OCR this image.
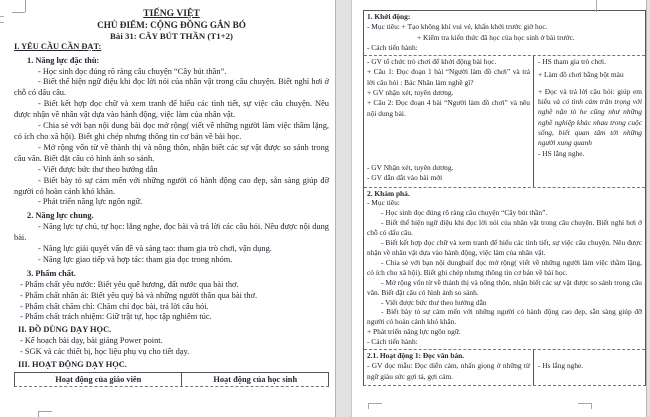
TIẾNG VIỆT

CHỦ ĐIỂM: CỘNG ĐỒNG GẮN BÓ

Bài 31: CÂY BÚT THẦN (T1+2)

I. YÊU CẦU CẦN ĐẠT:

1. Năng lực đặc thù:

- Học sinh đọc đúng rõ ràng câu chuyện “Cây bút thần”.

- Biết thể hiện ngữ điệu khi đọc lời nói của nhân vật trong câu chuyện. Biết nghỉ hơi ở chỗ có dấu câu.

- Biết kết hợp đọc chữ và xem tranh để hiểu các tình tiết, sự việc câu chuyện. Nêu được nhận về nhân vật dựa vào hành động, việc làm của nhân vật.

- Chia sẻ với bạn nội dung bài đọc mở rộng( viết về những người làm việc thầm lặng, có ích cho xã hội). Biết ghi chép nhưng thông tin cơ bản về bài học.

- Mở rộng vốn từ về thành thị và nông thôn, nhận biết các sự vật được so sánh trong câu văn. Biết đặt câu có hình ảnh so sánh.

- Viết được bức thư theo hướng dẫn

- Biết bày tỏ sự cảm mến với những người có hành động cao đẹp, sẵn sàng giúp đỡ người có hoàn cảnh khó khăn.

- Phát triển năng lực ngôn ngữ.

2. Năng lực chung.

- Năng lực tự chủ, tự học: lắng nghe, đọc bài và trả lời các câu hỏi. Nêu được nội dung bài.

- Năng lực giải quyết vấn đề và sáng tạo: tham gia trò chơi, vận dụng.

- Năng lực giao tiếp và hợp tác: tham gia đọc trong nhóm.

3. Phẩm chất.

- Phẩm chất yêu nước: Biết yêu quê hương, đất nước qua bài thơ.

- Phẩm chất nhân ái: Biết yêu quý bà và những người thân qua bài thơ.

- Phẩm chất chăm chỉ: Chăm chỉ đọc bài, trả lời câu hỏi.

- Phẩm chất trách nhiệm: Giữ trật tự, học tập nghiêm túc.

II. ĐỒ DÙNG DẠY HỌC.

- Kế hoạch bài dạy, bài giảng Power point.

- SGK và các thiết bị, học liệu phụ vụ cho tiết dạy.

III. HOẠT ĐỘNG DẠY HỌC.

Hoạt động của giáo viên	Hoạt động của học sinh

1. Khởi động:

- Mục tiêu: + Tạo không khí vui vẻ, khấn khởi trước giờ học.

+ Kiểm tra kiến thức đã học của học sinh ở bài trước.

- Cách tiến hành:

- GV tổ chức trò chơi để khởi động bài học.

+ Câu 1: Đọc đoạn 1 bài “Người làm đồ chơi” và trả lời câu hỏi : Bác Nhân làm nghề gì?

+ GV nhận xét, tuyên dương.

+ Câu 2: Đọc đoạn 4 bài “Người làm đồ chơi” và nêu nội dung bài.

- GV Nhận xét, tuyên dương.

- GV dẫn dắt vào bài mới

- HS tham gia trò chơi.

+ Làm đồ chơi bằng bột màu

+ Đọc và trả lời câu hỏi: giúp em hiểu và có tình cảm trân trọng với nghề nặn tò he cũng như những nghề nghiệp khác nhau trong cuộc sống, biết quan tâm tới những người xung quanh

- HS lắng nghe.

2. Khám phá.

- Mục tiêu:

- Học sinh đọc đúng rõ ràng câu chuyện “Cây bút thần”.

- Biết thể hiện ngữ điệu khi đọc lời nói của nhân vật trong câu chuyện. Biết nghỉ hơi ở chỗ có dấu câu.

- Biết kết hợp đọc chữ và xem tranh để hiểu các tình tiết, sự việc câu chuyện. Nêu được nhận về nhân vật dựa vào hành động, việc làm của nhân vật.

- Chia sẻ với bạn nội dungbaif đọc mở rộng( viết về những người làm việc thầm lặng, có ích cho xã hội). Biết ghi chép nhưng thông tin cơ bản về bài học.

- Mở rộng vốn từ về thành thị và nông thôn, nhận biết các sự vật được so sánh trong câu văn. Biết đặt câu có hình ảnh so sánh.

- Viết được bức thư theo hướng dẫn

- Biết bày tỏ sự cảm mến với những người có hành động cao đẹp, sẵn sàng giúp đỡ người có hoàn cảnh khó khăn.

+ Phát triển năng lực ngôn ngữ.

- Cách tiến hành:

2.1. Hoạt động 1: Đọc văn bản.

- GV đọc mẫu: Đọc diễn cảm, nhấn giọng ở những từ ngữ giàu sức gợi tả, gợi cảm.

- Hs lắng nghe.
